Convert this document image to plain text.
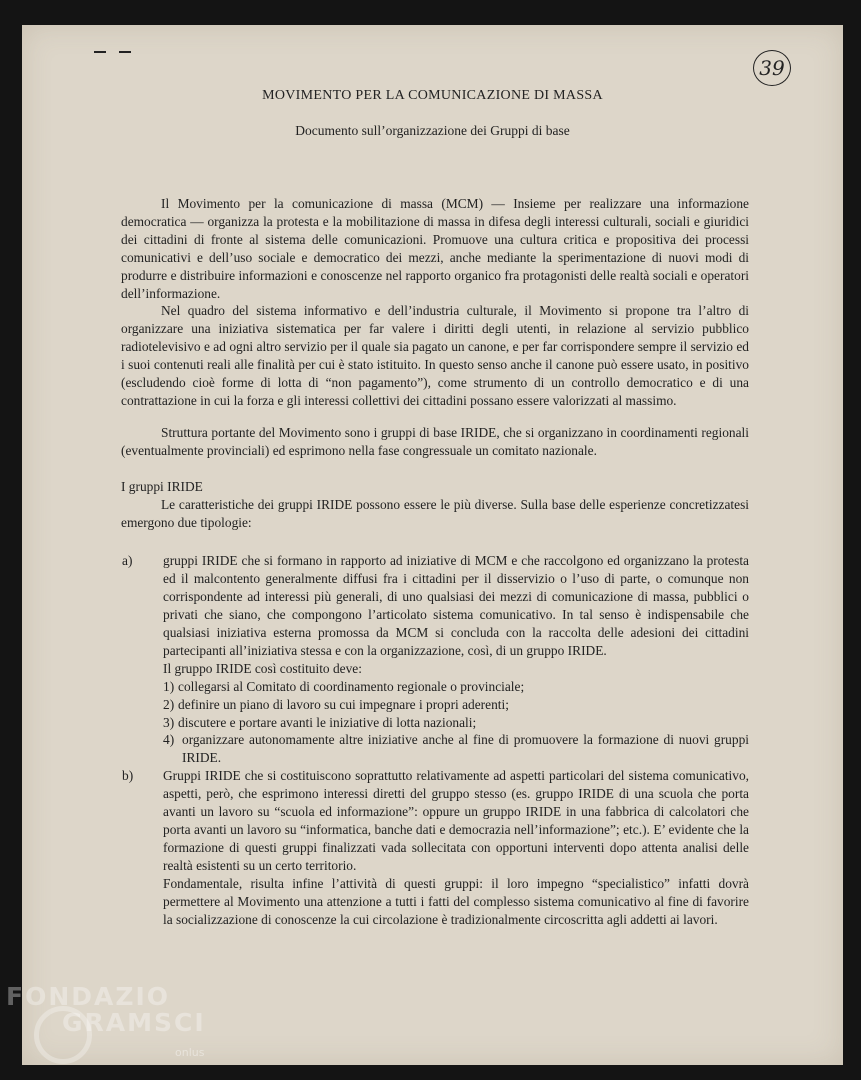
39
MOVIMENTO PER LA COMUNICAZIONE DI MASSA
Documento sull’organizzazione dei Gruppi di base

Il Movimento per la comunicazione di massa (MCM) — Insieme per realizzare una informazione democratica — organizza la protesta e la mobilitazione di massa in difesa degli interessi culturali, sociali e giuridici dei cittadini di fronte al sistema delle comunicazioni. Promuove una cultura critica e propositiva dei processi comunicativi e dell’uso sociale e democratico dei mezzi, anche mediante la sperimentazione di nuovi modi di produrre e distribuire informazioni e conoscenze nel rapporto organico fra protagonisti delle realtà sociali e operatori dell’informazione.

Nel quadro del sistema informativo e dell’industria culturale, il Movimento si propone tra l’altro di organizzare una iniziativa sistematica per far valere i diritti degli utenti, in relazione al servizio pubblico radiotelevisivo e ad ogni altro servizio per il quale sia pagato un canone, e per far corrispondere sempre il servizio ed i suoi contenuti reali alle finalità per cui è stato istituito. In questo senso anche il canone può essere usato, in positivo (escludendo cioè forme di lotta di “non pagamento”), come strumento di un controllo democratico e di una contrattazione in cui la forza e gli interessi collettivi dei cittadini possano essere valorizzati al massimo.

Struttura portante del Movimento sono i gruppi di base IRIDE, che si organizzano in coordinamenti regionali (eventualmente provinciali) ed esprimono nella fase congressuale un comitato nazionale.

I gruppi IRIDE

Le caratteristiche dei gruppi IRIDE possono essere le più diverse. Sulla base delle esperienze concretizzatesi emergono due tipologie:

a) gruppi IRIDE che si formano in rapporto ad iniziative di MCM e che raccolgono ed organizzano la protesta ed il malcontento generalmente diffusi fra i cittadini per il disservizio o l’uso di parte, o comunque non corrispondente ad interessi più generali, di uno qualsiasi dei mezzi di comunicazione di massa, pubblici o privati che siano, che compongono l’articolato sistema comunicativo. In tal senso è indispensabile che qualsiasi iniziativa esterna promossa da MCM si concluda con la raccolta delle adesioni dei cittadini partecipanti all’iniziativa stessa e con la organizzazione, così, di un gruppo IRIDE.
Il gruppo IRIDE così costituito deve:
1) collegarsi al Comitato di coordinamento regionale o provinciale;
2) definire un piano di lavoro su cui impegnare i propri aderenti;
3) discutere e portare avanti le iniziative di lotta nazionali;
4) organizzare autonomamente altre iniziative anche al fine di promuovere la formazione di nuovi gruppi IRIDE.
b) Gruppi IRIDE che si costituiscono soprattutto relativamente ad aspetti particolari del sistema comunicativo, aspetti, però, che esprimono interessi diretti del gruppo stesso (es. gruppo IRIDE di una scuola che porta avanti un lavoro su “scuola ed informazione”: oppure un gruppo IRIDE in una fabbrica di calcolatori che porta avanti un lavoro su “informatica, banche dati e democrazia nell’informazione”; etc.). E’ evidente che la formazione di questi gruppi finalizzati vada sollecitata con opportuni interventi dopo attenta analisi delle realtà esistenti su un certo territorio.
Fondamentale, risulta infine l’attività di questi gruppi: il loro impegno “specialistico” infatti dovrà permettere al Movimento una attenzione a tutti i fatti del complesso sistema comunicativo al fine di favorire la socializzazione di conoscenze la cui circolazione è tradizionalmente circoscritta agli addetti ai lavori.
FONDAZIO
GRAMSCI
onlus
